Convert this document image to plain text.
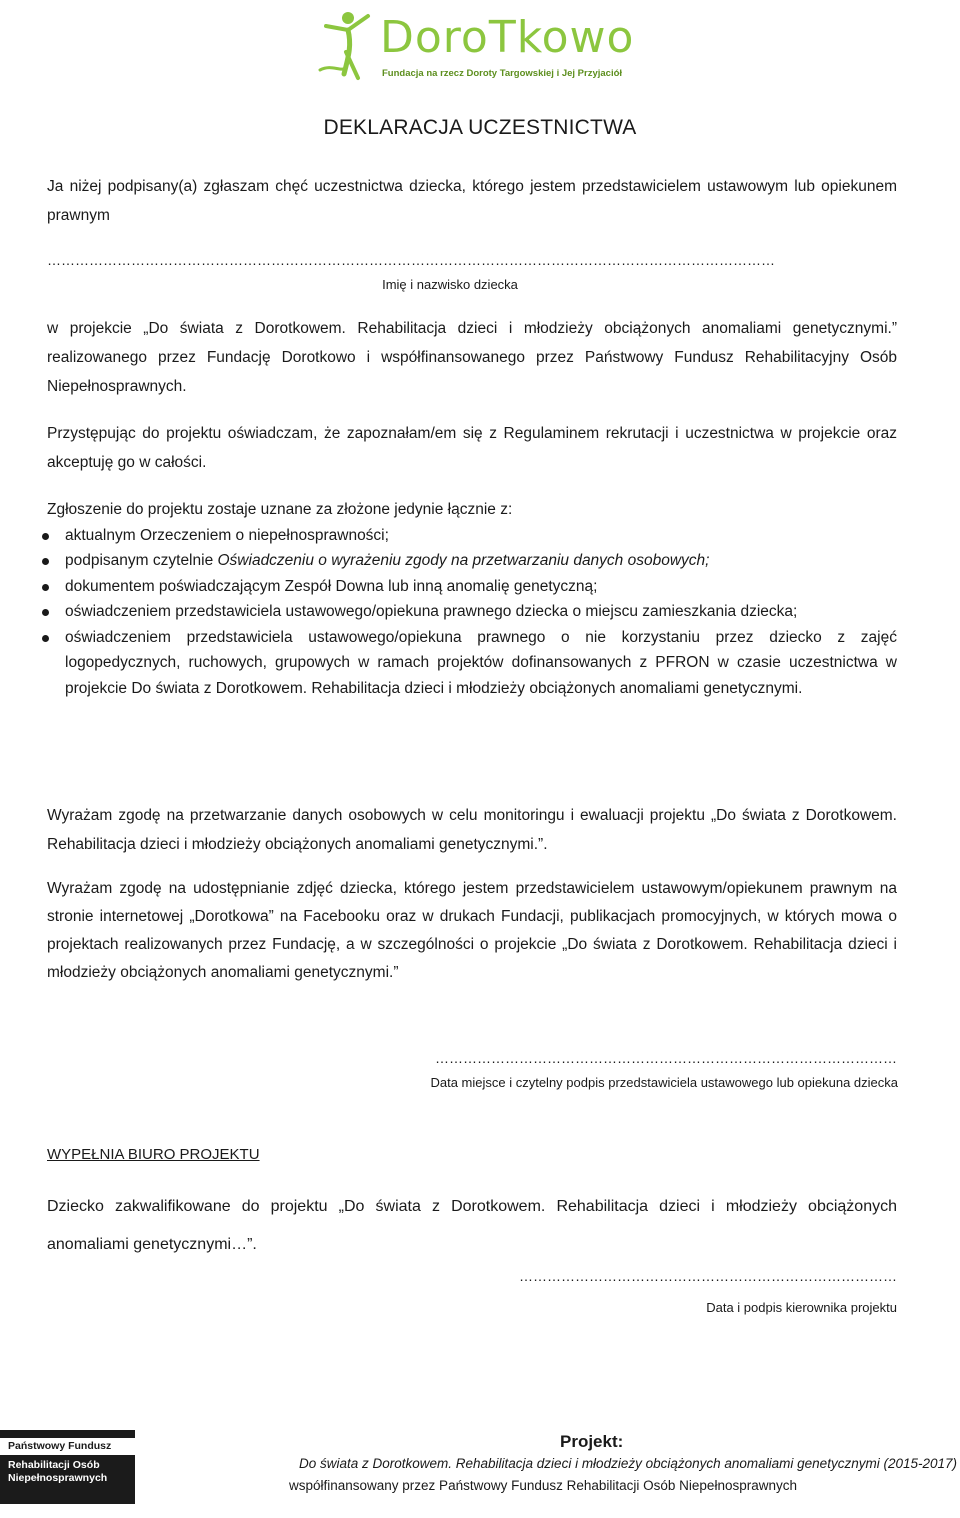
DoroTkowo
Fundacja na rzecz Doroty Targowskiej i Jej Przyjaciół
DEKLARACJA UCZESTNICTWA

Ja niżej podpisany(a) zgłaszam chęć uczestnictwa dziecka, którego jestem przedstawicielem ustawowym lub opiekunem prawnym

…………………………………………………………………………………………………………………………………………
Imię i nazwisko dziecka

w projekcie „Do świata z Dorotkowem. Rehabilitacja dzieci i młodzieży obciążonych anomaliami genetycznymi.” realizowanego przez Fundację Dorotkowo i współfinansowanego przez Państwowy Fundusz Rehabilitacyjny Osób Niepełnosprawnych.

Przystępując do projektu oświadczam, że zapoznałam/em się z Regulaminem rekrutacji i uczestnictwa w projekcie oraz akceptuję go w całości.

Zgłoszenie do projektu zostaje uznane za złożone jedynie łącznie z:
aktualnym Orzeczeniem o niepełnosprawności;
podpisanym czytelnie Oświadczeniu o wyrażeniu zgody na przetwarzaniu danych osobowych;
dokumentem poświadczającym Zespół Downa lub inną anomalię genetyczną;
oświadczeniem przedstawiciela ustawowego/opiekuna prawnego dziecka o miejscu zamieszkania dziecka;
oświadczeniem przedstawiciela ustawowego/opiekuna prawnego o nie korzystaniu przez dziecko z zajęć logopedycznych, ruchowych, grupowych w ramach projektów dofinansowanych z PFRON w czasie uczestnictwa w projekcie Do świata z Dorotkowem. Rehabilitacja dzieci i młodzieży obciążonych anomaliami genetycznymi.

Wyrażam zgodę na przetwarzanie danych osobowych w celu monitoringu i ewaluacji projektu „Do świata z Dorotkowem. Rehabilitacja dzieci i młodzieży obciążonych anomaliami genetycznymi.”.

Wyrażam zgodę na udostępnianie zdjęć dziecka, którego jestem przedstawicielem ustawowym/opiekunem prawnym na stronie internetowej „Dorotkowa” na Facebooku oraz w drukach Fundacji, publikacjach promocyjnych, w których mowa o projektach realizowanych przez Fundację, a w szczególności o projekcie „Do świata z Dorotkowem. Rehabilitacja dzieci i młodzieży obciążonych anomaliami genetycznymi.”

………………………………………………………………………………………
Data miejsce i czytelny podpis przedstawiciela ustawowego lub opiekuna dziecka
WYPEŁNIA BIURO PROJEKTU

Dziecko zakwalifikowane do projektu „Do świata z Dorotkowem. Rehabilitacja dzieci i młodzieży obciążonych anomaliami genetycznymi…”.

………………………………………………………………………
Data i podpis kierownika projektu
Państwowy Fundusz
Rehabilitacji Osób
Niepełnosprawnych
Projekt:
Do świata z Dorotkowem. Rehabilitacja dzieci i młodzieży obciążonych anomaliami genetycznymi (2015-2017)
współfinansowany przez Państwowy Fundusz Rehabilitacji Osób Niepełnosprawnych
